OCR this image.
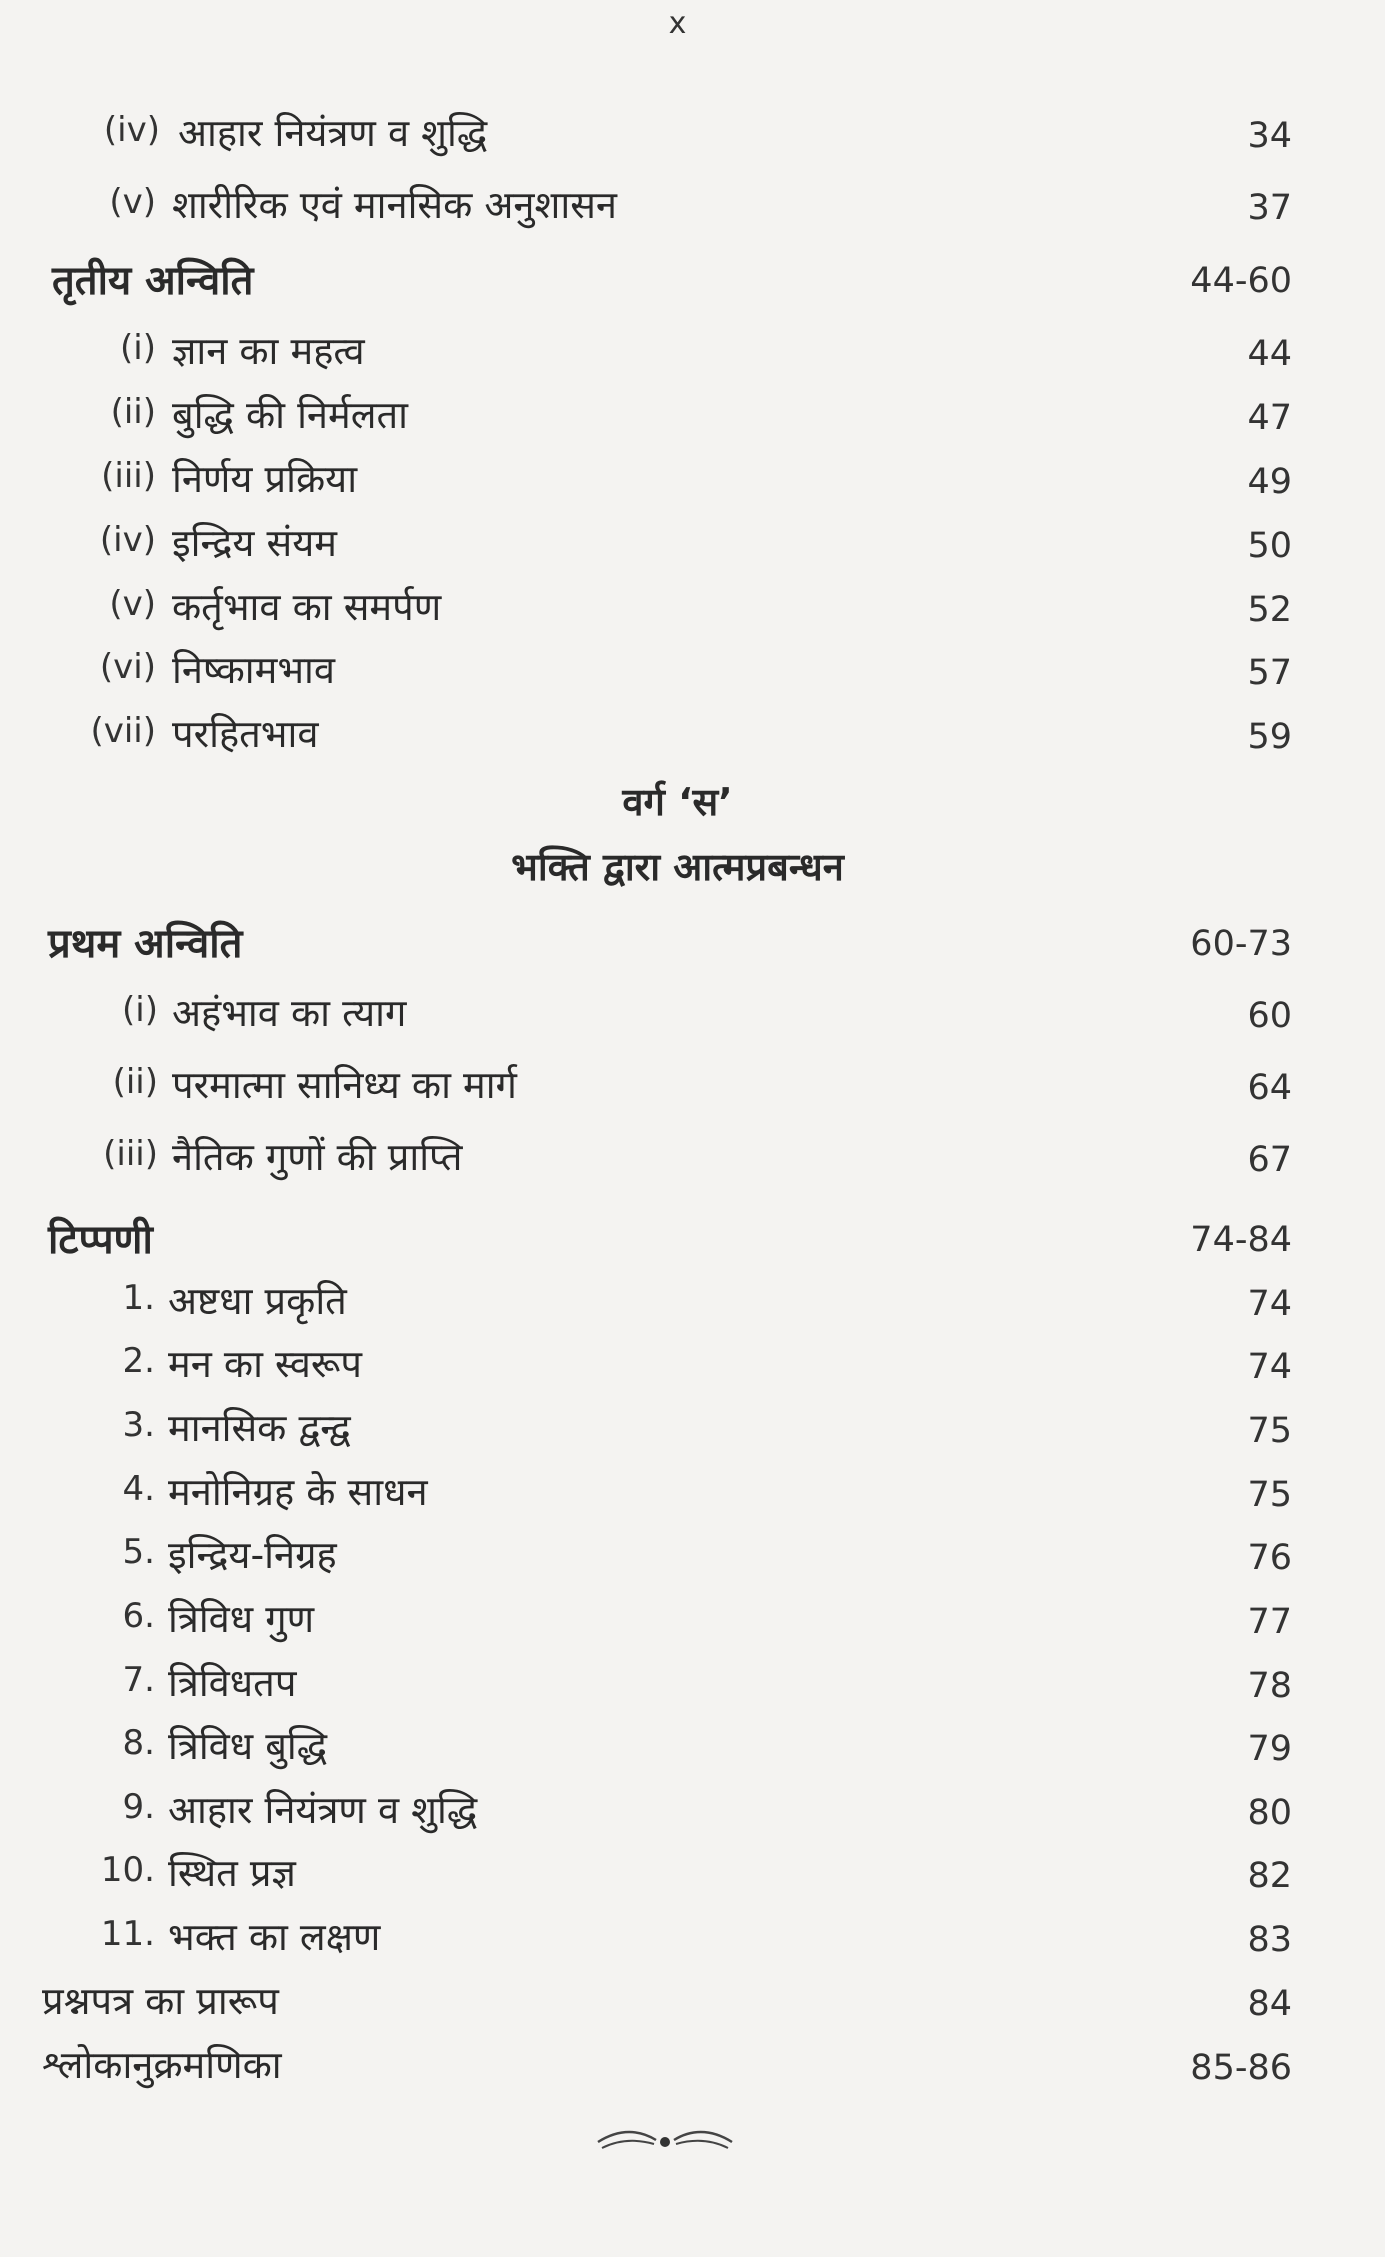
x
वर्ग ‘स’
भक्ति द्वारा आत्मप्रबन्धन
(iv) आहार नियंत्रण व शुद्धि	34
(v) शारीरिक एवं मानसिक अनुशासन	37
तृतीय अन्विति	44-60
(i) ज्ञान का महत्व	44
(ii) बुद्धि की निर्मलता	47
(iii) निर्णय प्रक्रिया	49
(iv) इन्द्रिय संयम	50
(v) कर्तृभाव का समर्पण	52
(vi) निष्कामभाव	57
(vii) परहितभाव	59
प्रथम अन्विति	60-73
(i) अहंभाव का त्याग	60
(ii) परमात्मा सानिध्य का मार्ग	64
(iii) नैतिक गुणों की प्राप्ति	67
टिप्पणी	74-84
1. अष्टधा प्रकृति	74
2. मन का स्वरूप	74
3. मानसिक द्वन्द्व	75
4. मनोनिग्रह के साधन	75
5. इन्द्रिय-निग्रह	76
6. त्रिविध गुण	77
7. त्रिविधतप	78
8. त्रिविध बुद्धि	79
9. आहार नियंत्रण व शुद्धि	80
10. स्थित प्रज्ञ	82
11. भक्त का लक्षण	83
प्रश्नपत्र का प्रारूप	84
श्लोकानुक्रमणिका	85-86
